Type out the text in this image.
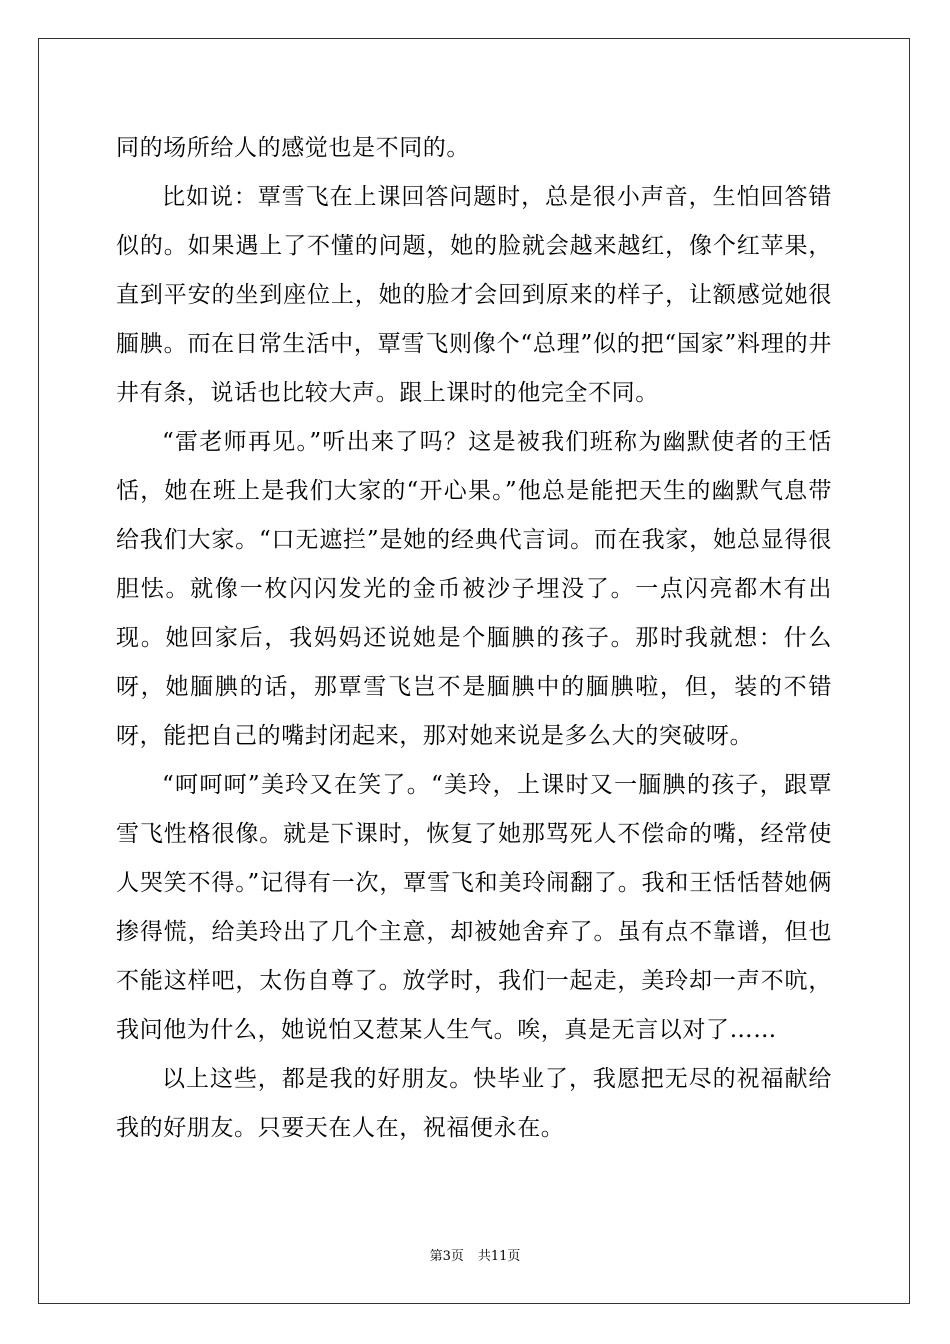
同的场所给人的感觉也是不同的。

比如说：覃雪飞在上课回答问题时，总是很小声音，生怕回答错似的。如果遇上了不懂的问题，她的脸就会越来越红，像个红苹果，直到平安的坐到座位上，她的脸才会回到原来的样子，让额感觉她很腼腆。而在日常生活中，覃雪飞则像个“总理”似的把“国家”料理的井井有条，说话也比较大声。跟上课时的他完全不同。

“雷老师再见。”听出来了吗？这是被我们班称为幽默使者的王恬恬，她在班上是我们大家的“开心果。”他总是能把天生的幽默气息带给我们大家。“口无遮拦”是她的经典代言词。而在我家，她总显得很胆怯。就像一枚闪闪发光的金币被沙子埋没了。一点闪亮都木有出现。她回家后，我妈妈还说她是个腼腆的孩子。那时我就想：什么呀，她腼腆的话，那覃雪飞岂不是腼腆中的腼腆啦，但，装的不错呀，能把自己的嘴封闭起来，那对她来说是多么大的突破呀。

“呵呵呵”美玲又在笑了。“美玲，上课时又一腼腆的孩子，跟覃雪飞性格很像。就是下课时，恢复了她那骂死人不偿命的嘴，经常使人哭笑不得。”记得有一次，覃雪飞和美玲闹翻了。我和王恬恬替她俩掺得慌，给美玲出了几个主意，却被她舍弃了。虽有点不靠谱，但也不能这样吧，太伤自尊了。放学时，我们一起走，美玲却一声不吭，我问他为什么，她说怕又惹某人生气。唉，真是无言以对了……

以上这些，都是我的好朋友。快毕业了，我愿把无尽的祝福献给我的好朋友。只要天在人在，祝福便永在。

第3页 共11页
